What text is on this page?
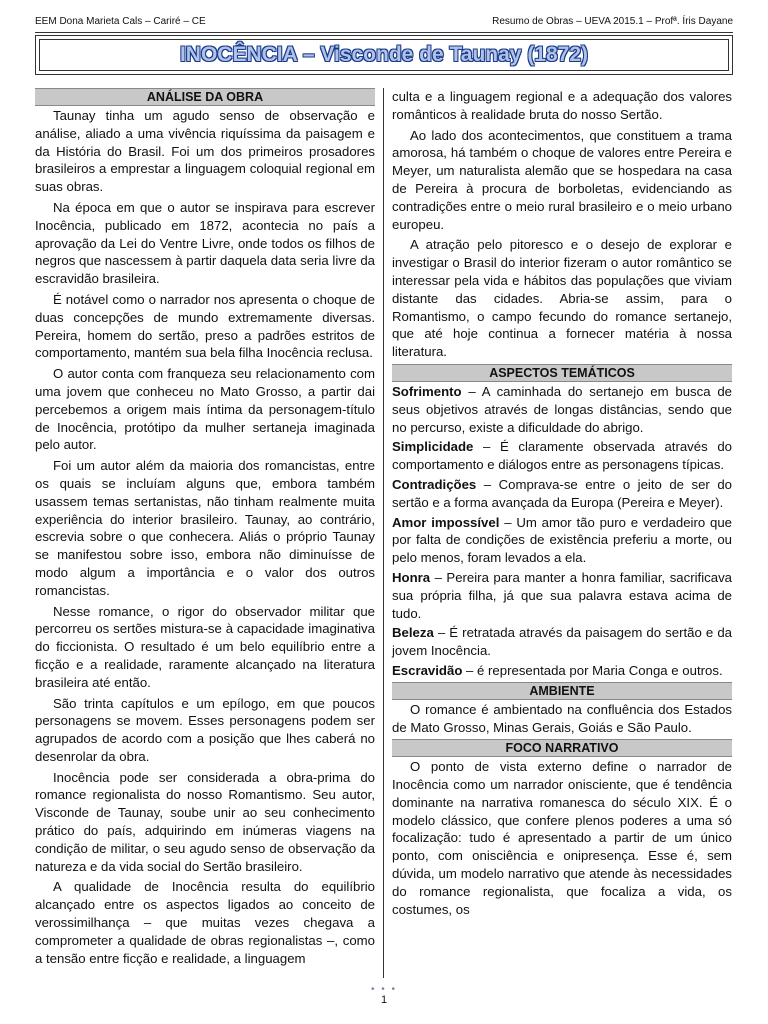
EEM Dona Marieta Cals – Cariré – CE	Resumo de Obras – UEVA 2015.1 – Profª. Íris Dayane
INOCÊNCIA – Visconde de Taunay (1872)
ANÁLISE DA OBRA

Taunay tinha um agudo senso de observação e análise, aliado a uma vivência riquíssima da paisagem e da História do Brasil. Foi um dos primeiros prosadores brasileiros a emprestar a linguagem coloquial regional em suas obras.

Na época em que o autor se inspirava para escrever Inocência, publicado em 1872, acontecia no país a aprovação da Lei do Ventre Livre, onde todos os filhos de negros que nascessem à partir daquela data seria livre da escravidão brasileira.

É notável como o narrador nos apresenta o choque de duas concepções de mundo extremamente diversas. Pereira, homem do sertão, preso a padrões estritos de comportamento, mantém sua bela filha Inocência reclusa.

O autor conta com franqueza seu relacionamento com uma jovem que conheceu no Mato Grosso, a partir dai percebemos a origem mais íntima da personagem-título de Inocência, protótipo da mulher sertaneja imaginada pelo autor.

Foi um autor além da maioria dos romancistas, entre os quais se incluíam alguns que, embora também usassem temas sertanistas, não tinham realmente muita experiência do interior brasileiro. Taunay, ao contrário, escrevia sobre o que conhecera. Aliás o próprio Taunay se manifestou sobre isso, embora não diminuísse de modo algum a importância e o valor dos outros romancistas.

Nesse romance, o rigor do observador militar que percorreu os sertões mistura-se à capacidade imaginativa do ficcionista. O resultado é um belo equilíbrio entre a ficção e a realidade, raramente alcançado na literatura brasileira até então.

São trinta capítulos e um epílogo, em que poucos personagens se movem. Esses personagens podem ser agrupados de acordo com a posição que lhes caberá no desenrolar da obra.

Inocência pode ser considerada a obra-prima do romance regionalista do nosso Romantismo. Seu autor, Visconde de Taunay, soube unir ao seu conhecimento prático do país, adquirindo em inúmeras viagens na condição de militar, o seu agudo senso de observação da natureza e da vida social do Sertão brasileiro.

A qualidade de Inocência resulta do equilíbrio alcançado entre os aspectos ligados ao conceito de verossimilhança – que muitas vezes chegava a comprometer a qualidade de obras regionalistas –, como a tensão entre ficção e realidade, a linguagem

culta e a linguagem regional e a adequação dos valores românticos à realidade bruta do nosso Sertão.

Ao lado dos acontecimentos, que constituem a trama amorosa, há também o choque de valores entre Pereira e Meyer, um naturalista alemão que se hospedara na casa de Pereira à procura de borboletas, evidenciando as contradições entre o meio rural brasileiro e o meio urbano europeu.

A atração pelo pitoresco e o desejo de explorar e investigar o Brasil do interior fizeram o autor romântico se interessar pela vida e hábitos das populações que viviam distante das cidades. Abria-se assim, para o Romantismo, o campo fecundo do romance sertanejo, que até hoje continua a fornecer matéria à nossa literatura.

ASPECTOS TEMÁTICOS

Sofrimento – A caminhada do sertanejo em busca de seus objetivos através de longas distâncias, sendo que no percurso, existe a dificuldade do abrigo.

Simplicidade – É claramente observada através do comportamento e diálogos entre as personagens típicas.

Contradições – Comprava-se entre o jeito de ser do sertão e a forma avançada da Europa (Pereira e Meyer).

Amor impossível – Um amor tão puro e verdadeiro que por falta de condições de existência preferiu a morte, ou pelo menos, foram levados a ela.

Honra – Pereira para manter a honra familiar, sacrificava sua própria filha, já que sua palavra estava acima de tudo.

Beleza – É retratada através da paisagem do sertão e da jovem Inocência.

Escravidão – é representada por Maria Conga e outros.

AMBIENTE

O romance é ambientado na confluência dos Estados de Mato Grosso, Minas Gerais, Goiás e São Paulo.

FOCO NARRATIVO

O ponto de vista externo define o narrador de Inocência como um narrador onisciente, que é tendência dominante na narrativa romanesca do século XIX. É o modelo clássico, que confere plenos poderes a uma só focalização: tudo é apresentado a partir de um único ponto, com onisciência e onipresença. Esse é, sem dúvida, um modelo narrativo que atende às necessidades do romance regionalista, que focaliza a vida, os costumes, os

• • •
1
